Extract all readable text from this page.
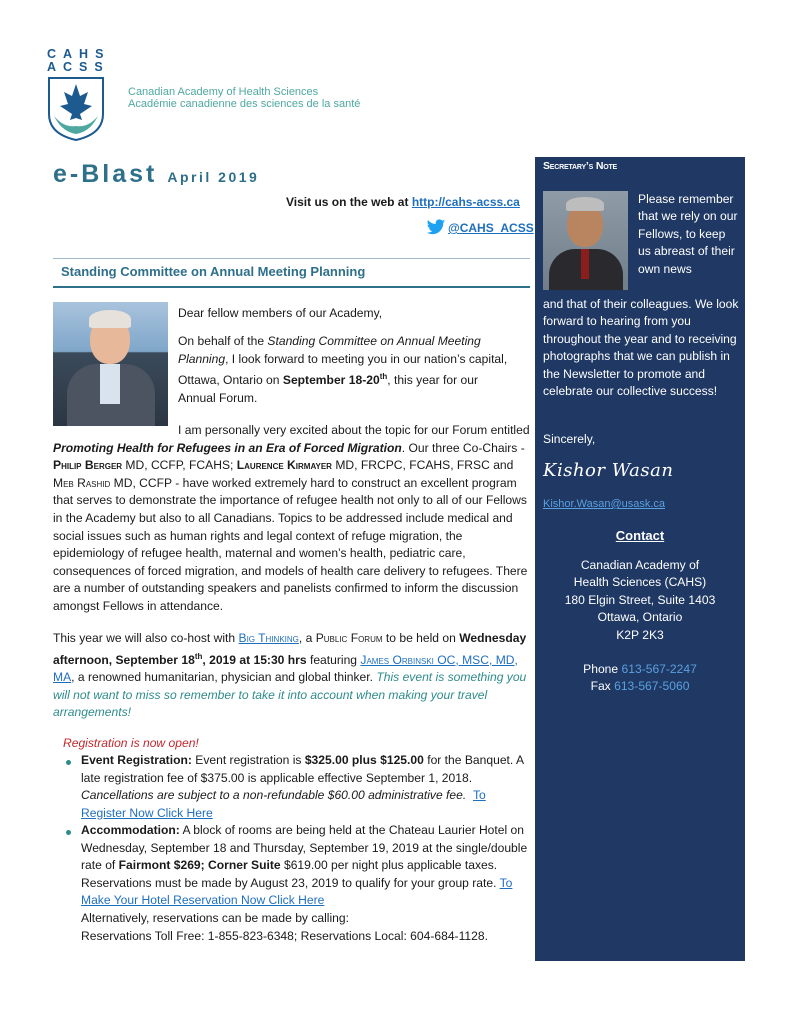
CAHS
ACSS
Canadian Academy of Health Sciences
Académie canadienne des sciences de la santé
e-Blast April 2019
Visit us on the web at http://cahs-acss.ca
@CAHS_ACSS
Standing Committee on Annual Meeting Planning
Dear fellow members of our Academy,
On behalf of the Standing Committee on Annual Meeting Planning, I look forward to meeting you in our nation’s capital, Ottawa, Ontario on September 18-20th, this year for our Annual Forum.
I am personally very excited about the topic for our Forum entitled Promoting Health for Refugees in an Era of Forced Migration. Our three Co-Chairs - Philip Berger MD, CCFP, FCAHS; Laurence Kirmayer MD, FRCPC, FCAHS, FRSC and Meb Rashid MD, CCFP - have worked extremely hard to construct an excellent program that serves to demonstrate the importance of refugee health not only to all of our Fellows in the Academy but also to all Canadians. Topics to be addressed include medical and social issues such as human rights and legal context of refuge migration, the epidemiology of refugee health, maternal and women’s health, pediatric care, consequences of forced migration, and models of health care delivery to refugees. There are a number of outstanding speakers and panelists confirmed to inform the discussion amongst Fellows in attendance.
This year we will also co-host with Big Thinking, a Public Forum to be held on Wednesday afternoon, September 18th, 2019 at 15:30 hrs featuring James Orbinski OC, MSC, MD, MA, a renowned humanitarian, physician and global thinker. This event is something you will not want to miss so remember to take it into account when making your travel arrangements!
Registration is now open!
Event Registration: Event registration is $325.00 plus $125.00 for the Banquet. A late registration fee of $375.00 is applicable effective September 1, 2018. Cancellations are subject to a non-refundable $60.00 administrative fee. To Register Now Click Here
Accommodation: A block of rooms are being held at the Chateau Laurier Hotel on Wednesday, September 18 and Thursday, September 19, 2019 at the single/double rate of Fairmont $269; Corner Suite $619.00 per night plus applicable taxes. Reservations must be made by August 23, 2019 to qualify for your group rate. To Make Your Hotel Reservation Now Click Here
Alternatively, reservations can be made by calling:
Reservations Toll Free: 1-855-823-6348; Reservations Local: 604-684-1128.
Secretary’s Note
Please remember that we rely on our Fellows, to keep us abreast of their own news
and that of their colleagues. We look forward to hearing from you throughout the year and to receiving photographs that we can publish in the Newsletter to promote and celebrate our collective success!
Sincerely,
Kishor Wasan
Kishor.Wasan@usask.ca
Contact
Canadian Academy of
Health Sciences (CAHS)
180 Elgin Street, Suite 1403
Ottawa, Ontario
K2P 2K3
Phone 613-567-2247
Fax 613-567-5060
